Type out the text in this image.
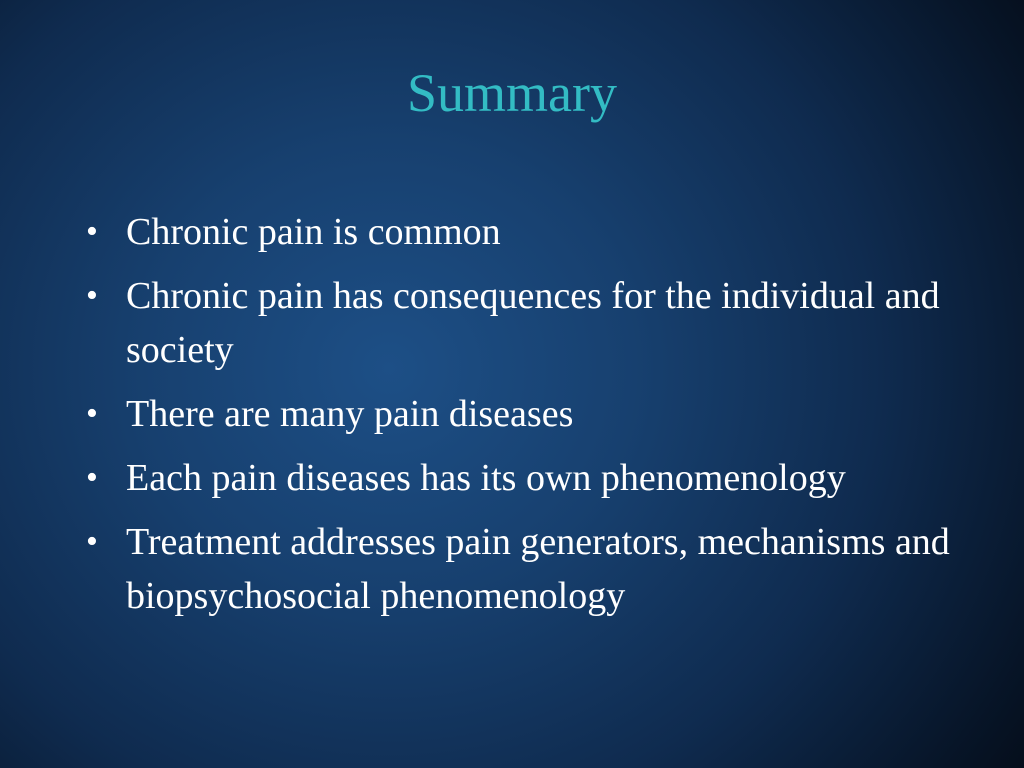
Summary
• Chronic pain is common
• Chronic pain has consequences for the individual and society
• There are many pain diseases
• Each pain diseases has its own phenomenology
• Treatment addresses pain generators, mechanisms and biopsychosocial phenomenology
